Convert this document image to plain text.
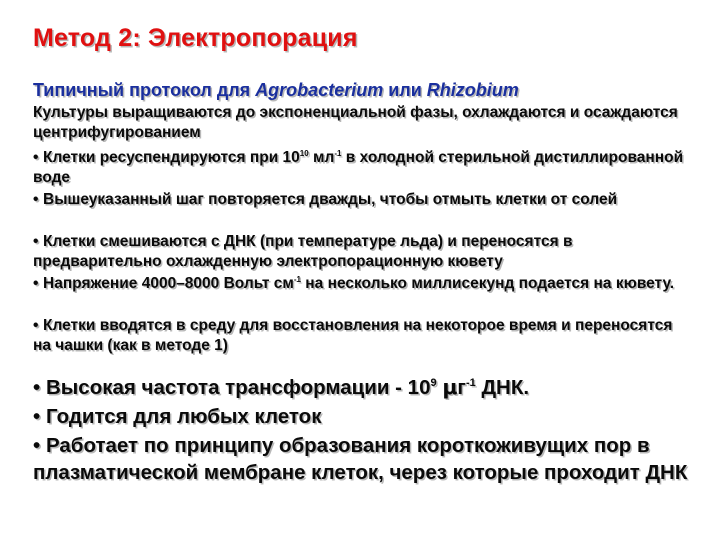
Метод 2: Электропорация
Типичный протокол для Agrobacterium или Rhizobium
Культуры выращиваются до экспоненциальной фазы, охлаждаются и осаждаются центрифугированием
• Клетки ресуспендируются при $10^{10}$ $мл^{-1}$ в холодной стерильной дистиллированной воде
• Вышеуказанный шаг повторяется дважды, чтобы отмыть клетки от солей
• Клетки смешиваются с ДНК (при температуре льда) и переносятся в предварительно охлажденную электропорационную кювету
• Напряжение 4000–8000 Вольт $см^{-1}$ на несколько миллисекунд подается на кювету.
• Клетки вводятся в среду для восстановления на некоторое время и переносятся на чашки (как в методе 1)
• Высокая частота трансформации - $10^9$ $\mu г^{-1}$ ДНК.
• Годится для любых клеток
• Работает по принципу образования короткоживущих пор в плазматической мембране клеток, через которые проходит ДНК
